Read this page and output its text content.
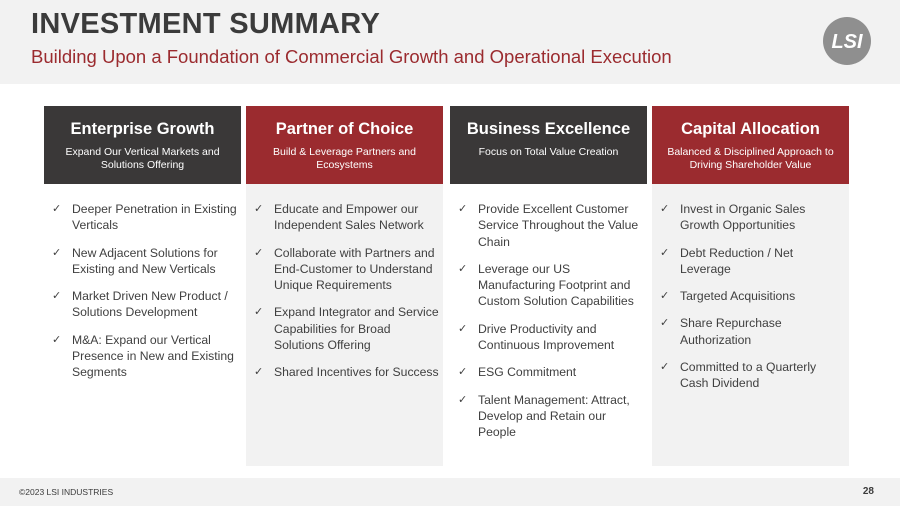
INVESTMENT SUMMARY
Building Upon a Foundation of Commercial Growth and Operational Execution
LSI
Enterprise Growth
Expand Our Vertical Markets and Solutions Offering
✓ Deeper Penetration in Existing Verticals
✓ New Adjacent Solutions for Existing and New Verticals
✓ Market Driven New Product / Solutions Development
✓ M&A: Expand our Vertical Presence in New and Existing Segments
Partner of Choice
Build & Leverage Partners and Ecosystems
✓ Educate and Empower our Independent Sales Network
✓ Collaborate with Partners and End-Customer to Understand Unique Requirements
✓ Expand Integrator and Service Capabilities for Broad Solutions Offering
✓ Shared Incentives for Success
Business Excellence
Focus on Total Value Creation
✓ Provide Excellent Customer Service Throughout the Value Chain
✓ Leverage our US Manufacturing Footprint and Custom Solution Capabilities
✓ Drive Productivity and Continuous Improvement
✓ ESG Commitment
✓ Talent Management: Attract, Develop and Retain our People
Capital Allocation
Balanced & Disciplined Approach to Driving Shareholder Value
✓ Invest in Organic Sales Growth Opportunities
✓ Debt Reduction / Net Leverage
✓ Targeted Acquisitions
✓ Share Repurchase Authorization
✓ Committed to a Quarterly Cash Dividend
©2023 LSI INDUSTRIES	28
